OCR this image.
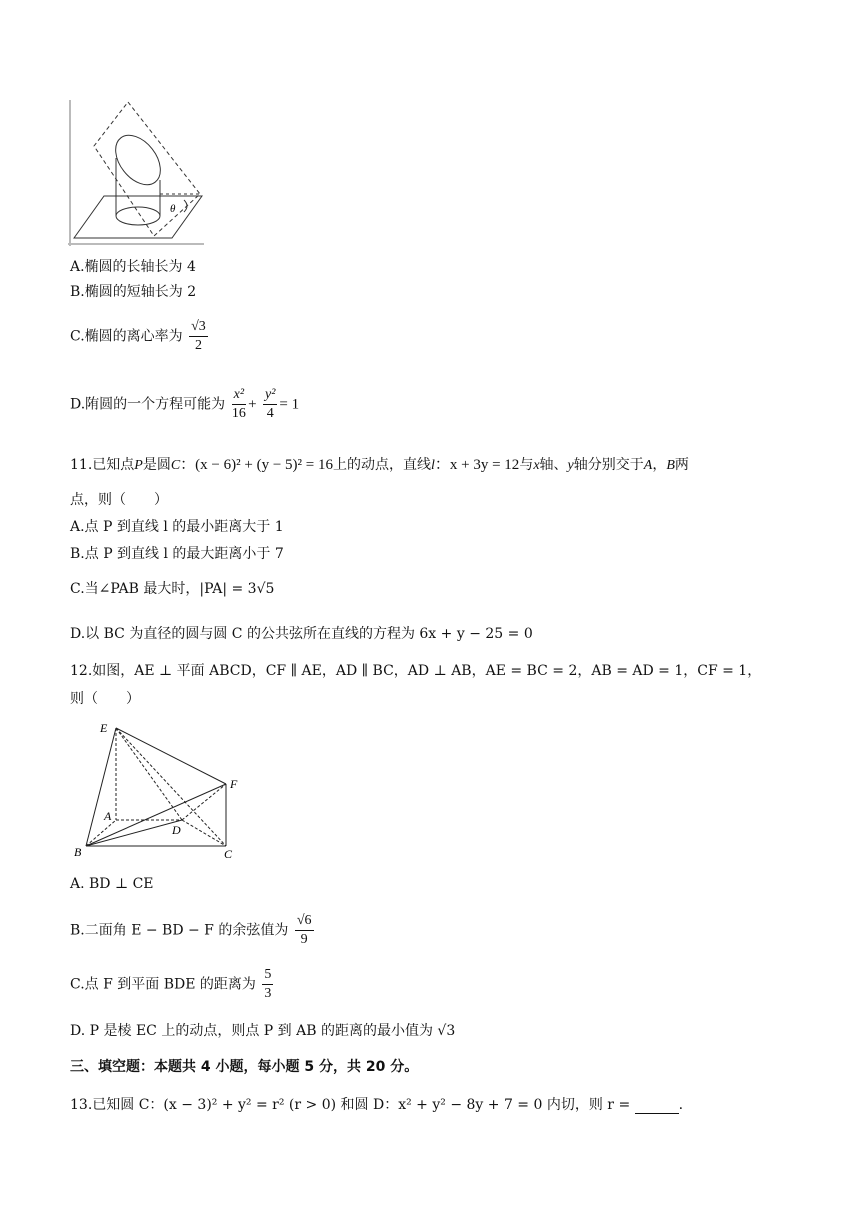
θ
A.椭圆的长轴长为 4
B.椭圆的短轴长为 2
C.椭圆的离心率为 $\frac{√3}{2}$
D.陏圆的一个方程可能为 $\frac{\text{x²}}{16} + \frac{\text{y²}}{4} = 1$
11.已知点P是圆C：(x − 6)² + (y − 5)² = 16上的动点，直线l：x + 3y = 12与x轴、y轴分别交于A，B两
点，则（　　）
A.点 P 到直线 l 的最小距离大于 1
B.点 P 到直线 l 的最大距离小于 7
C.当∠PAB 最大时，|PA| = 3√5
D.以 BC 为直径的圆与圆 C 的公共弦所在直线的方程为 6x + y − 25 = 0
12.如图，AE ⊥ 平面 ABCD，CF ∥ AE，AD ∥ BC，AD ⊥ AB，AE = BC = 2，AB = AD = 1，CF = 1，
则（　　）
E
F
A
D
B	C
A. BD ⊥ CE
B.二面角 E − BD − F 的余弦值为 $\frac{√6}{9}$
C.点 F 到平面 BDE 的距离为 $\frac{5}{3}$
D. P 是棱 EC 上的动点，则点 P 到 AB 的距离的最小值为 √3
三、填空题：本题共 4 小题，每小题 5 分，共 20 分。
13.已知圆 C：(x − 3)² + y² = r² (r > 0) 和圆 D：x² + y² − 8y + 7 = 0 内切，则 r =	.
